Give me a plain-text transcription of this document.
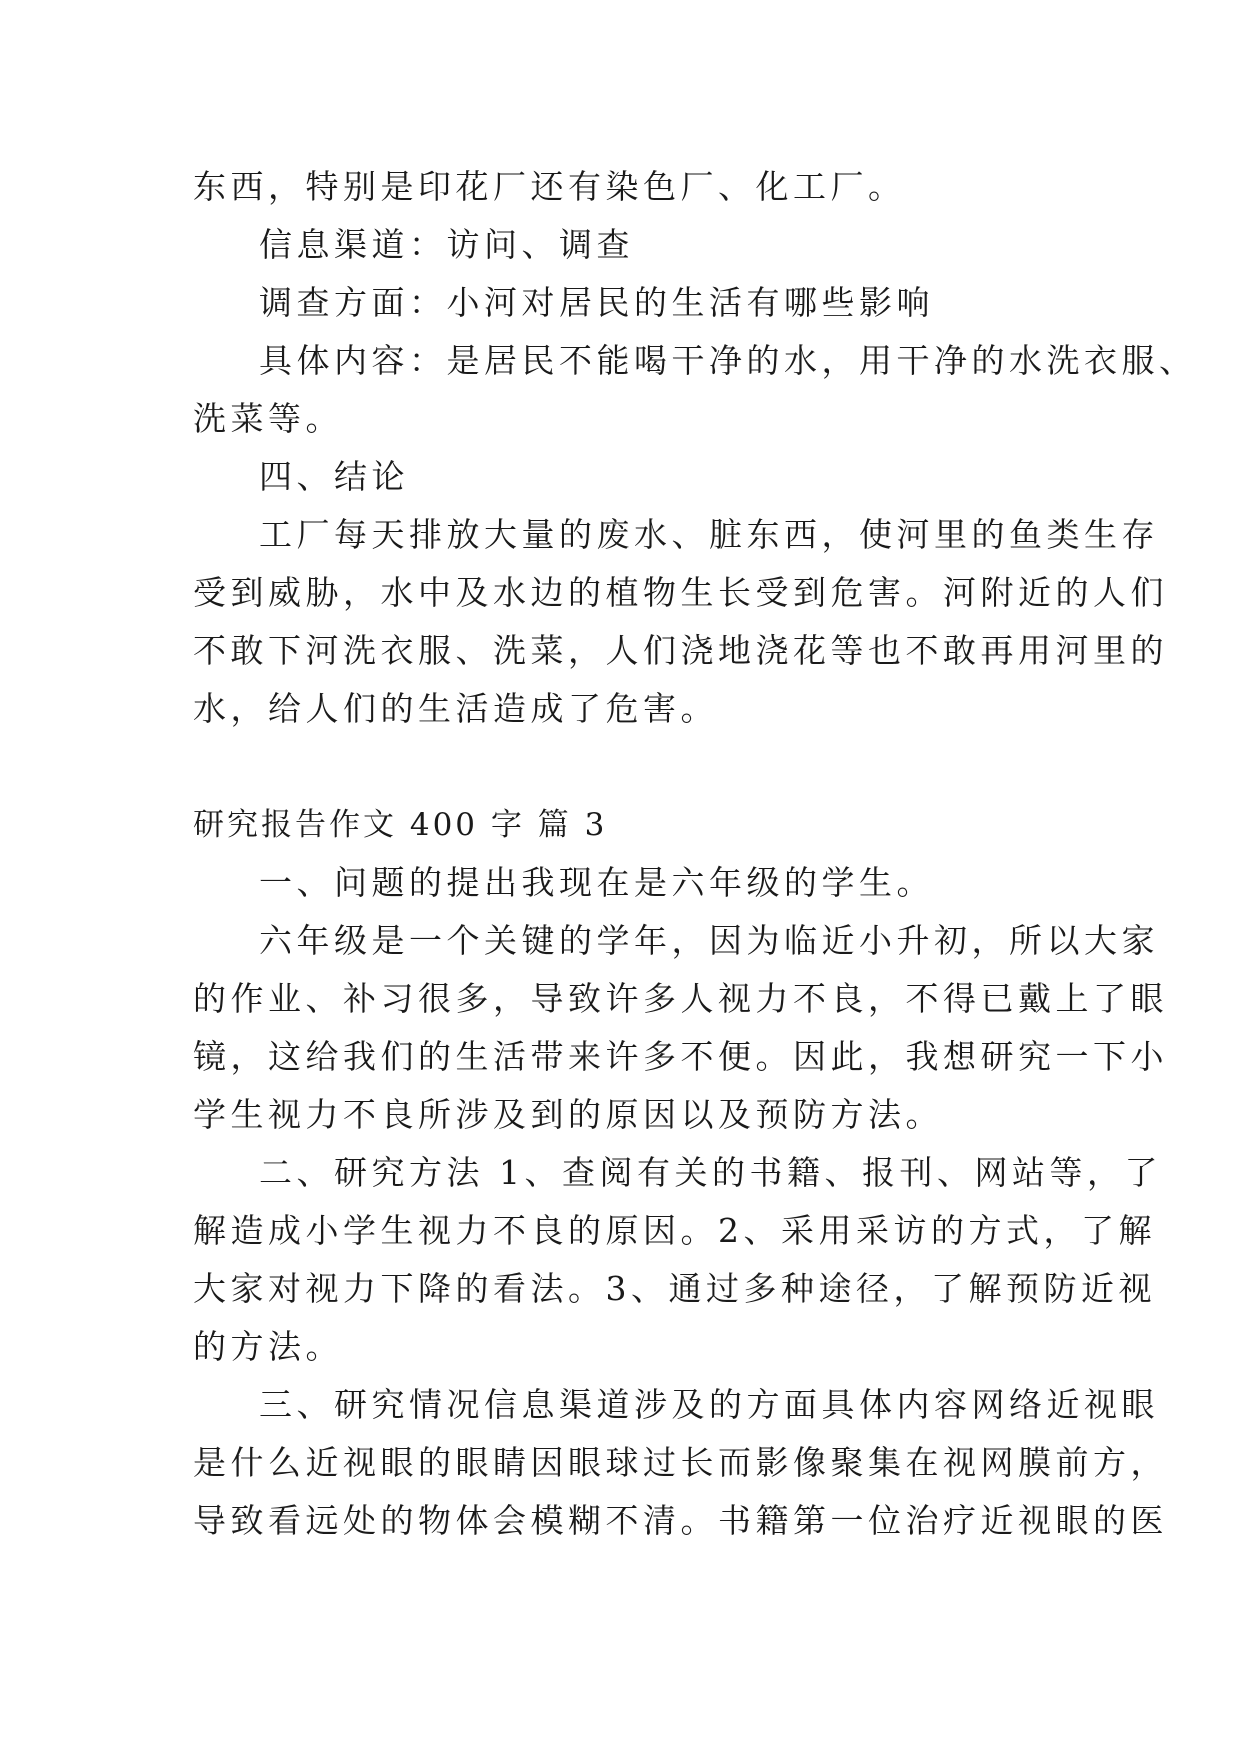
东西，特别是印花厂还有染色厂、化工厂。

信息渠道：访问、调查

调查方面：小河对居民的生活有哪些影响

具体内容：是居民不能喝干净的水，用干净的水洗衣服、

洗菜等。

四、结论

工厂每天排放大量的废水、脏东西，使河里的鱼类生存

受到威胁，水中及水边的植物生长受到危害。河附近的人们

不敢下河洗衣服、洗菜，人们浇地浇花等也不敢再用河里的

水，给人们的生活造成了危害。

研究报告作文 400 字 篇 3

一、问题的提出我现在是六年级的学生。

六年级是一个关键的学年，因为临近小升初，所以大家

的作业、补习很多，导致许多人视力不良，不得已戴上了眼

镜，这给我们的生活带来许多不便。因此，我想研究一下小

学生视力不良所涉及到的原因以及预防方法。

二、研究方法 1、查阅有关的书籍、报刊、网站等，了

解造成小学生视力不良的原因。2、采用采访的方式，了解

大家对视力下降的看法。3、通过多种途径，了解预防近视

的方法。

三、研究情况信息渠道涉及的方面具体内容网络近视眼

是什么近视眼的眼睛因眼球过长而影像聚集在视网膜前方，

导致看远处的物体会模糊不清。书籍第一位治疗近视眼的医
